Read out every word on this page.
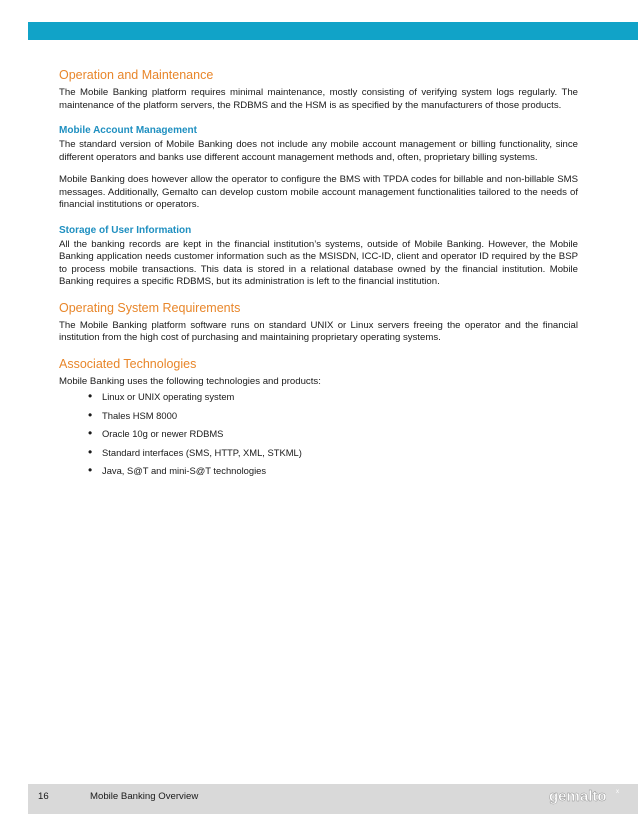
Operation and Maintenance

The Mobile Banking platform requires minimal maintenance, mostly consisting of verifying system logs regularly. The maintenance of the platform servers, the RDBMS and the HSM is as specified by the manufacturers of those products.

Mobile Account Management

The standard version of Mobile Banking does not include any mobile account management or billing functionality, since different operators and banks use different account management methods and, often, proprietary billing systems.

Mobile Banking does however allow the operator to configure the BMS with TPDA codes for billable and non-billable SMS messages. Additionally, Gemalto can develop custom mobile account management functionalities tailored to the needs of financial institutions or operators.

Storage of User Information

All the banking records are kept in the financial institution’s systems, outside of Mobile Banking. However, the Mobile Banking application needs customer information such as the MSISDN, ICC-ID, client and operator ID required by the BSP to process mobile transactions. This data is stored in a relational database owned by the financial institution. Mobile Banking requires a specific RDBMS, but its administration is left to the financial institution.

Operating System Requirements

The Mobile Banking platform software runs on standard UNIX or Linux servers freeing the operator and the financial institution from the high cost of purchasing and maintaining proprietary operating systems.

Associated Technologies

Mobile Banking uses the following technologies and products:

• Linux or UNIX operating system
• Thales HSM 8000
• Oracle 10g or newer RDBMS
• Standard interfaces (SMS, HTTP, XML, STKML)
• Java, S@T and mini-S@T technologies
16	Mobile Banking Overview	gemalto x
